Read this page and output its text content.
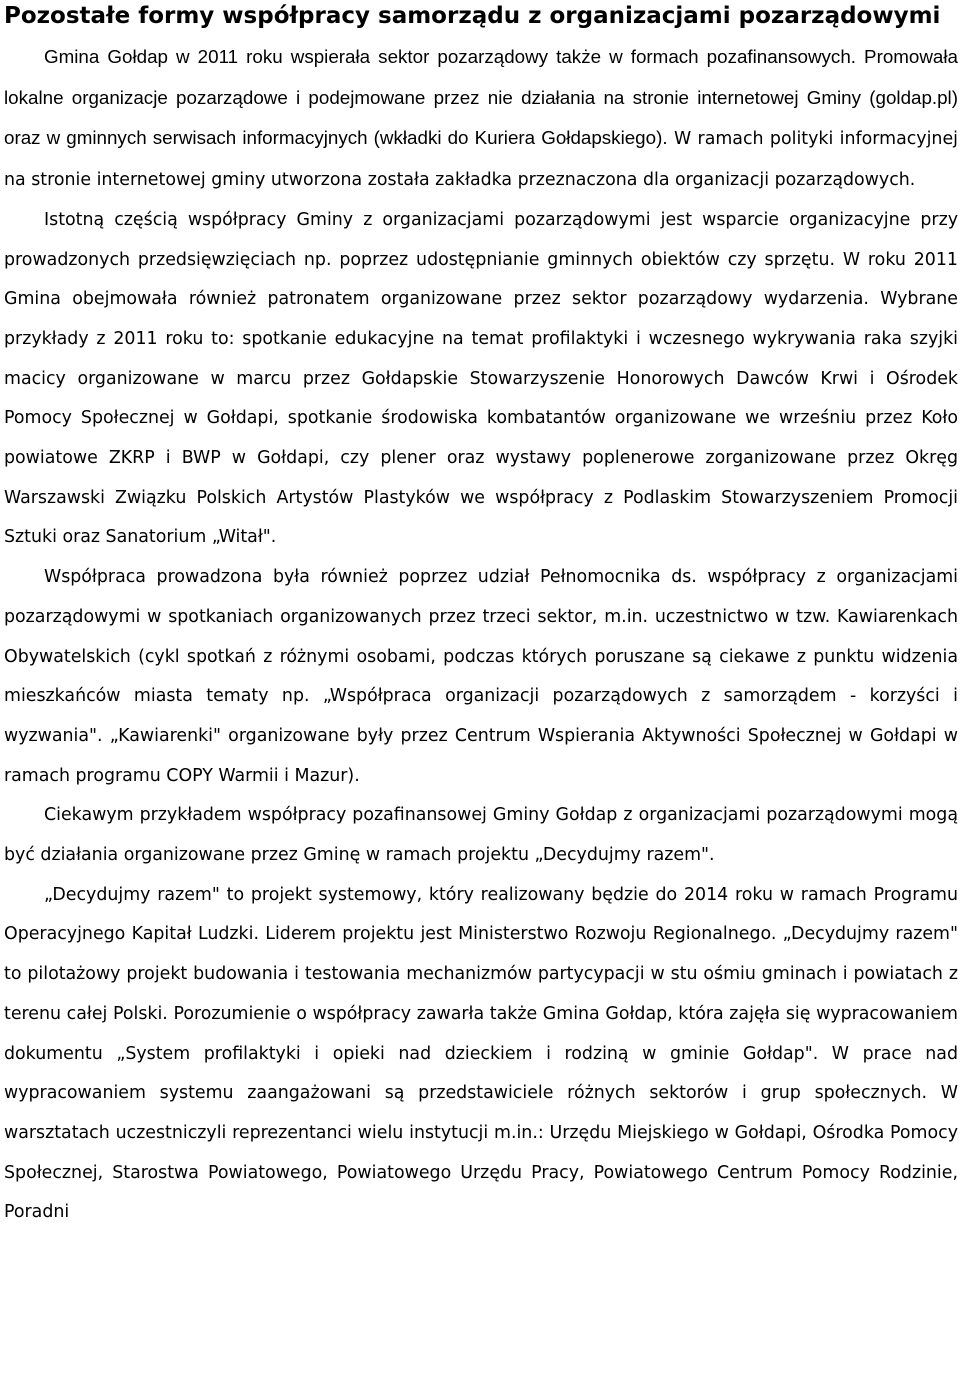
Pozostałe formy współpracy samorządu z organizacjami pozarządowymi

Gmina Gołdap w 2011 roku wspierała sektor pozarządowy także w formach pozafinansowych. Promowała lokalne organizacje pozarządowe i podejmowane przez nie działania na stronie internetowej Gminy (goldap.pl) oraz w gminnych serwisach informacyjnych (wkładki do Kuriera Gołdapskiego). W ramach polityki informacyjnej na stronie internetowej gminy utworzona została zakładka przeznaczona dla organizacji pozarządowych.

Istotną częścią współpracy Gminy z organizacjami pozarządowymi jest wsparcie organizacyjne przy prowadzonych przedsięwzięciach np. poprzez udostępnianie gminnych obiektów czy sprzętu. W roku 2011 Gmina obejmowała również patronatem organizowane przez sektor pozarządowy wydarzenia. Wybrane przykłady z 2011 roku to: spotkanie edukacyjne na temat profilaktyki i wczesnego wykrywania raka szyjki macicy organizowane w marcu przez Gołdapskie Stowarzyszenie Honorowych Dawców Krwi i Ośrodek Pomocy Społecznej w Gołdapi, spotkanie środowiska kombatantów organizowane we wrześniu przez Koło powiatowe ZKRP i BWP w Gołdapi, czy plener oraz wystawy poplenerowe zorganizowane przez Okręg Warszawski Związku Polskich Artystów Plastyków we współpracy z Podlaskim Stowarzyszeniem Promocji Sztuki oraz Sanatorium „Witał".

Współpraca prowadzona była również poprzez udział Pełnomocnika ds. współpracy z organizacjami pozarządowymi w spotkaniach organizowanych przez trzeci sektor, m.in. uczestnictwo w tzw. Kawiarenkach Obywatelskich (cykl spotkań z różnymi osobami, podczas których poruszane są ciekawe z punktu widzenia mieszkańców miasta tematy np. „Współpraca organizacji pozarządowych z samorządem - korzyści i wyzwania". „Kawiarenki" organizowane były przez Centrum Wspierania Aktywności Społecznej w Gołdapi w ramach programu COPY Warmii i Mazur).

Ciekawym przykładem współpracy pozafinansowej Gminy Gołdap z organizacjami pozarządowymi mogą być działania organizowane przez Gminę w ramach projektu „Decydujmy razem".

„Decydujmy razem" to projekt systemowy, który realizowany będzie do 2014 roku w ramach Programu Operacyjnego Kapitał Ludzki. Liderem projektu jest Ministerstwo Rozwoju Regionalnego. „Decydujmy razem" to pilotażowy projekt budowania i testowania mechanizmów partycypacji w stu ośmiu gminach i powiatach z terenu całej Polski. Porozumienie o współpracy zawarła także Gmina Gołdap, która zajęła się wypracowaniem dokumentu „System profilaktyki i opieki nad dzieckiem i rodziną w gminie Gołdap". W prace nad wypracowaniem systemu zaangażowani są przedstawiciele różnych sektorów i grup społecznych. W warsztatach uczestniczyli reprezentanci wielu instytucji m.in.: Urzędu Miejskiego w Gołdapi, Ośrodka Pomocy Społecznej, Starostwa Powiatowego, Powiatowego Urzędu Pracy, Powiatowego Centrum Pomocy Rodzinie, Poradni
